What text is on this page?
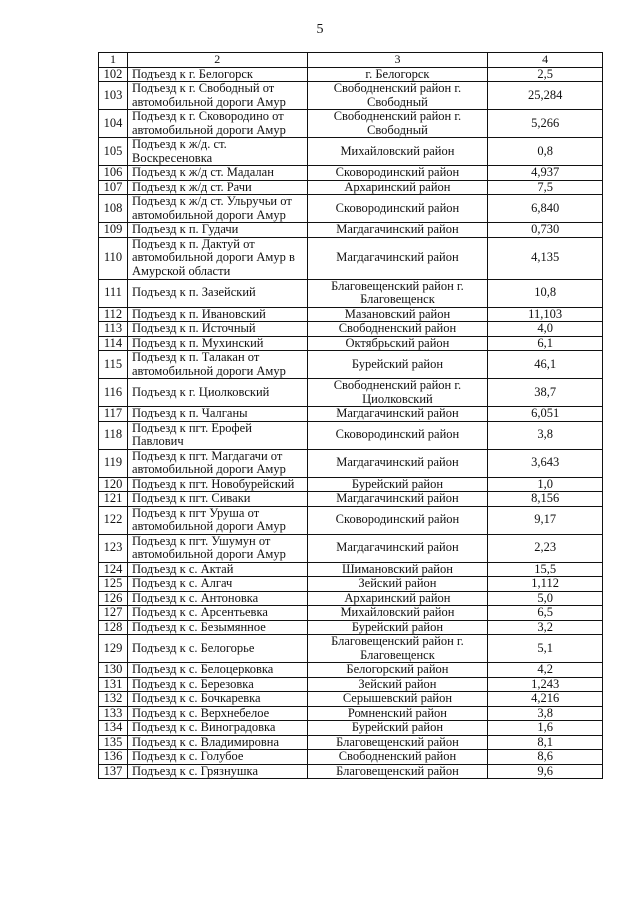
5
1	2	3	4
102	Подъезд к г. Белогорск	г. Белогорск	2,5
103	Подъезд к г. Свободный от автомобильной дороги Амур	Свободненский район г. Свободный	25,284
104	Подъезд к г. Сковородино от автомобильной дороги Амур	Свободненский район г. Свободный	5,266
105	Подъезд к ж/д. ст. Воскресеновка	Михайловский район	0,8
106	Подъезд к ж/д ст. Мадалан	Сковородинский район	4,937
107	Подъезд к ж/д ст. Рачи	Архаринский район	7,5
108	Подъезд к ж/д ст. Ульручьи от автомобильной дороги Амур	Сковородинский район	6,840
109	Подъезд к п. Гудачи	Магдагачинский район	0,730
110	Подъезд к п. Дактуй от автомобильной дороги Амур в Амурской области	Магдагачинский район	4,135
111	Подъезд к п. Зазейский	Благовещенский район г. Благовещенск	10,8
112	Подъезд к п. Ивановский	Мазановский район	11,103
113	Подъезд к п. Источный	Свободненский район	4,0
114	Подъезд к п. Мухинский	Октябрьский район	6,1
115	Подъезд к п. Талакан от автомобильной дороги Амур	Бурейский район	46,1
116	Подъезд к г. Циолковский	Свободненский район г. Циолковский	38,7
117	Подъезд к п. Чалганы	Магдагачинский район	6,051
118	Подъезд к пгт. Ерофей Павлович	Сковородинский район	3,8
119	Подъезд к пгт. Магдагачи от автомобильной дороги Амур	Магдагачинский район	3,643
120	Подъезд к пгт. Новобурейский	Бурейский район	1,0
121	Подъезд к пгт. Сиваки	Магдагачинский район	8,156
122	Подъезд к пгт Уруша от автомобильной дороги Амур	Сковородинский район	9,17
123	Подъезд к пгт. Ушумун от автомобильной дороги Амур	Магдагачинский район	2,23
124	Подъезд к с. Актай	Шимановский район	15,5
125	Подъезд к с. Алгач	Зейский район	1,112
126	Подъезд к с. Антоновка	Архаринский район	5,0
127	Подъезд к с. Арсентьевка	Михайловский район	6,5
128	Подъезд к с. Безымянное	Бурейский район	3,2
129	Подъезд к с. Белогорье	Благовещенский район г. Благовещенск	5,1
130	Подъезд к с. Белоцерковка	Белогорский район	4,2
131	Подъезд к с. Березовка	Зейский район	1,243
132	Подъезд к с. Бочкаревка	Серышевский район	4,216
133	Подъезд к с. Верхнебелое	Ромненский район	3,8
134	Подъезд к с. Виноградовка	Бурейский район	1,6
135	Подъезд к с. Владимировна	Благовещенский район	8,1
136	Подъезд к с. Голубое	Свободненский район	8,6
137	Подъезд к с. Грязнушка	Благовещенский район	9,6
